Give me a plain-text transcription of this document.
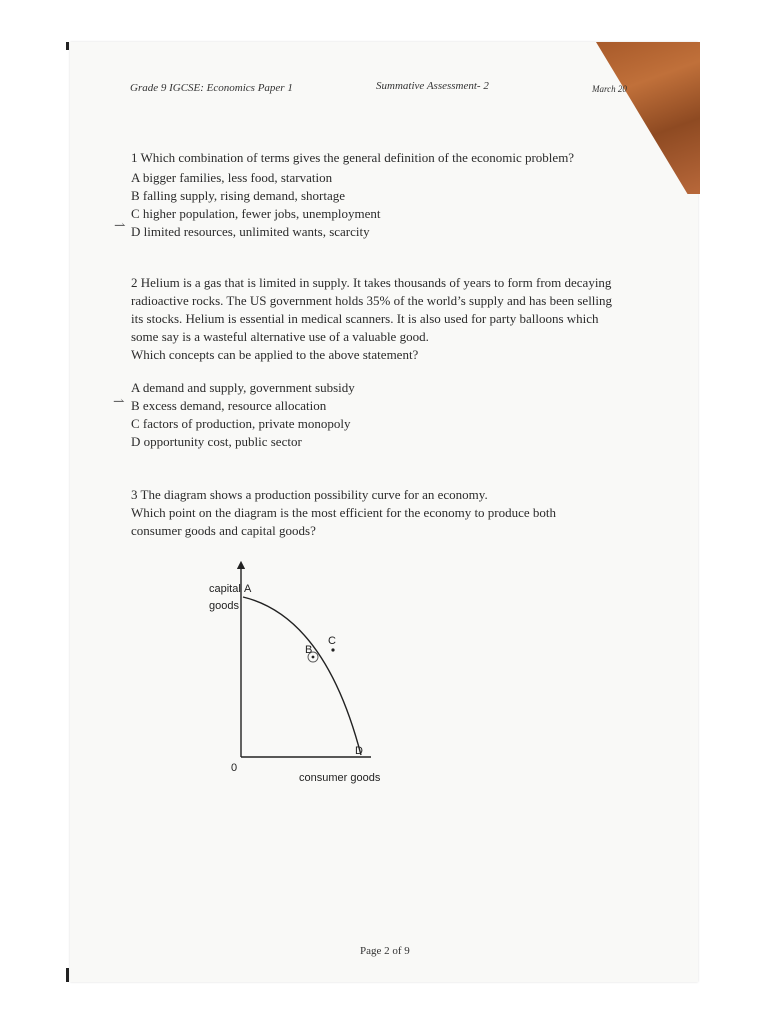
Grade 9 IGCSE: Economics Paper 1	Summative Assessment- 2	March 20
1 Which combination of terms gives the general definition of the economic problem?
A bigger families, less food, starvation
B falling supply, rising demand, shortage
C higher population, fewer jobs, unemployment
D limited resources, unlimited wants, scarcity
⇀
2 Helium is a gas that is limited in supply. It takes thousands of years to form from decaying
radioactive rocks. The US government holds 35% of the world’s supply and has been selling
its stocks. Helium is essential in medical scanners. It is also used for party balloons which
some say is a wasteful alternative use of a valuable good.
Which concepts can be applied to the above statement?
A demand and supply, government subsidy
B excess demand, resource allocation
C factors of production, private monopoly
D opportunity cost, public sector
⇀
3 The diagram shows a production possibility curve for an economy.
Which point on the diagram is the most efficient for the economy to produce both
consumer goods and capital goods?
capital
goods
A
B
C
D
0
consumer goods
Page 2 of 9
